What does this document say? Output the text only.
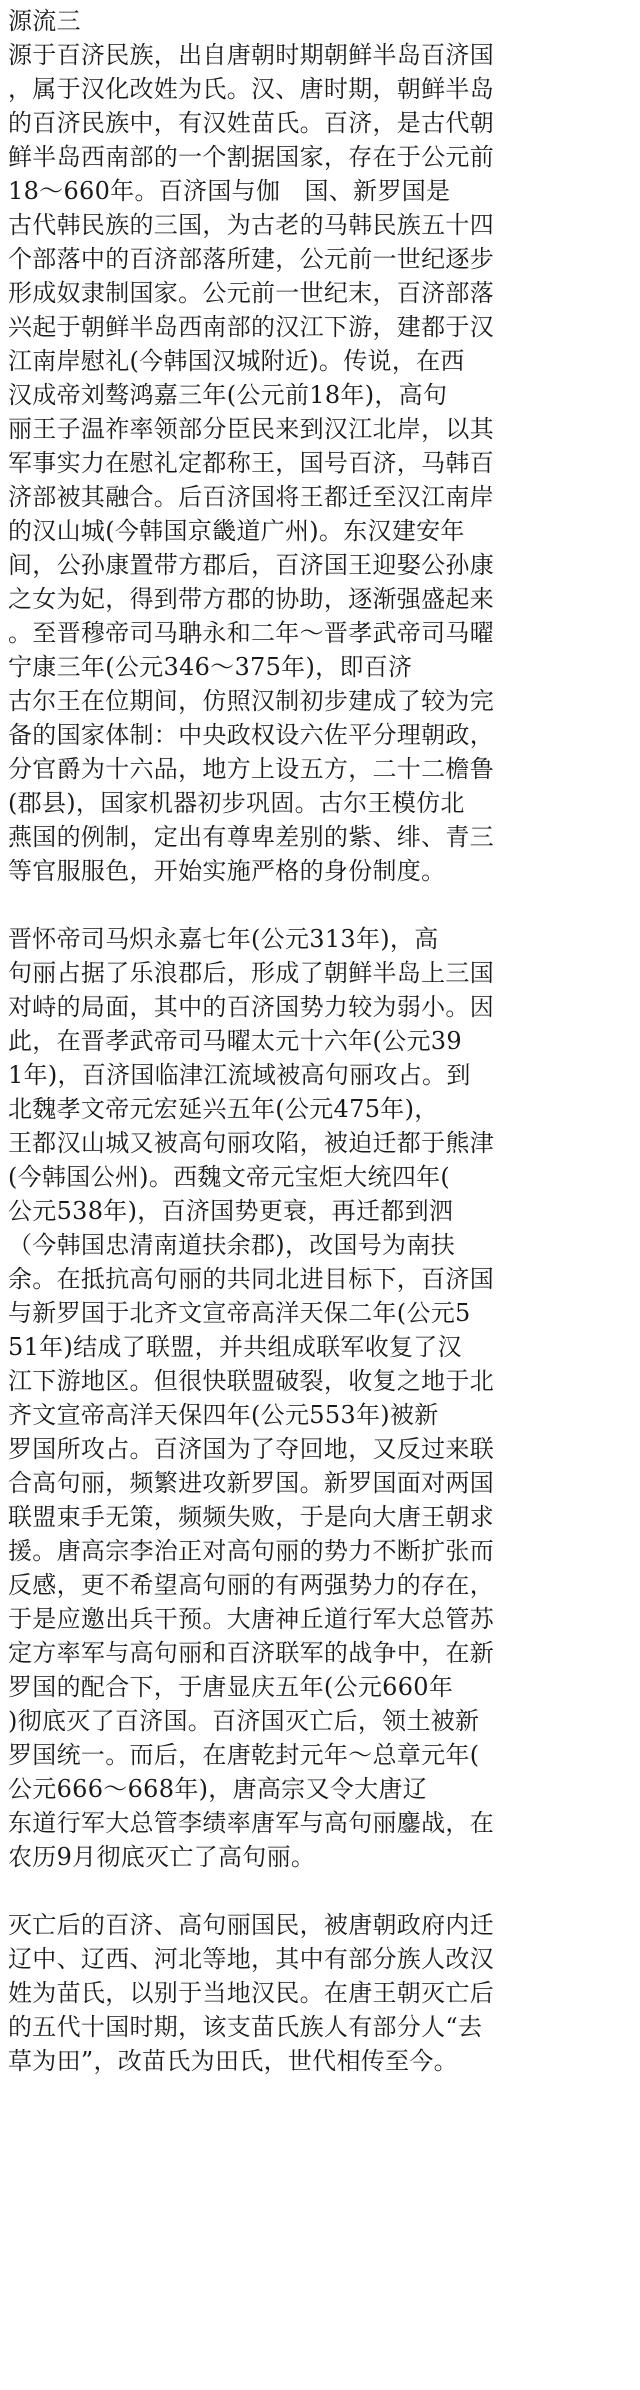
源流三
源于百济民族，出自唐朝时期朝鲜半岛百济国
，属于汉化改姓为氏。汉、唐时期，朝鲜半岛
的百济民族中，有汉姓苗氏。百济，是古代朝
鲜半岛西南部的一个割据国家，存在于公元前
18～660年。百济国与伽　国、新罗国是
古代韩民族的三国，为古老的马韩民族五十四
个部落中的百济部落所建，公元前一世纪逐步
形成奴隶制国家。公元前一世纪末，百济部落
兴起于朝鲜半岛西南部的汉江下游，建都于汉
江南岸慰礼(今韩国汉城附近)。传说，在西
汉成帝刘骜鸿嘉三年(公元前18年)，高句
丽王子温祚率领部分臣民来到汉江北岸，以其
军事实力在慰礼定都称王，国号百济，马韩百
济部被其融合。后百济国将王都迁至汉江南岸
的汉山城(今韩国京畿道广州)。东汉建安年
间，公孙康置带方郡后，百济国王迎娶公孙康
之女为妃，得到带方郡的协助，逐渐强盛起来
。至晋穆帝司马聃永和二年～晋孝武帝司马曜
宁康三年(公元346～375年)，即百济
古尔王在位期间，仿照汉制初步建成了较为完
备的国家体制：中央政权设六佐平分理朝政，
分官爵为十六品，地方上设五方，二十二檐鲁
(郡县)，国家机器初步巩固。古尔王模仿北
燕国的例制，定出有尊卑差别的紫、绯、青三
等官服服色，开始实施严格的身份制度。
晋怀帝司马炽永嘉七年(公元313年)，高
句丽占据了乐浪郡后，形成了朝鲜半岛上三国
对峙的局面，其中的百济国势力较为弱小。因
此，在晋孝武帝司马曜太元十六年(公元39
1年)，百济国临津江流域被高句丽攻占。到
北魏孝文帝元宏延兴五年(公元475年)，
王都汉山城又被高句丽攻陷，被迫迁都于熊津
(今韩国公州)。西魏文帝元宝炬大统四年(
公元538年)，百济国势更衰，再迁都到泗
（今韩国忠清南道扶余郡)，改国号为南扶
余。在抵抗高句丽的共同北进目标下，百济国
与新罗国于北齐文宣帝高洋天保二年(公元5
51年)结成了联盟，并共组成联军收复了汉
江下游地区。但很快联盟破裂，收复之地于北
齐文宣帝高洋天保四年(公元553年)被新
罗国所攻占。百济国为了夺回地，又反过来联
合高句丽，频繁进攻新罗国。新罗国面对两国
联盟束手无策，频频失败，于是向大唐王朝求
援。唐高宗李治正对高句丽的势力不断扩张而
反感，更不希望高句丽的有两强势力的存在，
于是应邀出兵干预。大唐神丘道行军大总管苏
定方率军与高句丽和百济联军的战争中，在新
罗国的配合下，于唐显庆五年(公元660年
)彻底灭了百济国。百济国灭亡后，领土被新
罗国统一。而后，在唐乾封元年～总章元年(
公元666～668年)，唐高宗又令大唐辽
东道行军大总管李绩率唐军与高句丽鏖战，在
农历9月彻底灭亡了高句丽。
灭亡后的百济、高句丽国民，被唐朝政府内迁
辽中、辽西、河北等地，其中有部分族人改汉
姓为苗氏，以别于当地汉民。在唐王朝灭亡后
的五代十国时期，该支苗氏族人有部分人“去
草为田”，改苗氏为田氏，世代相传至今。
